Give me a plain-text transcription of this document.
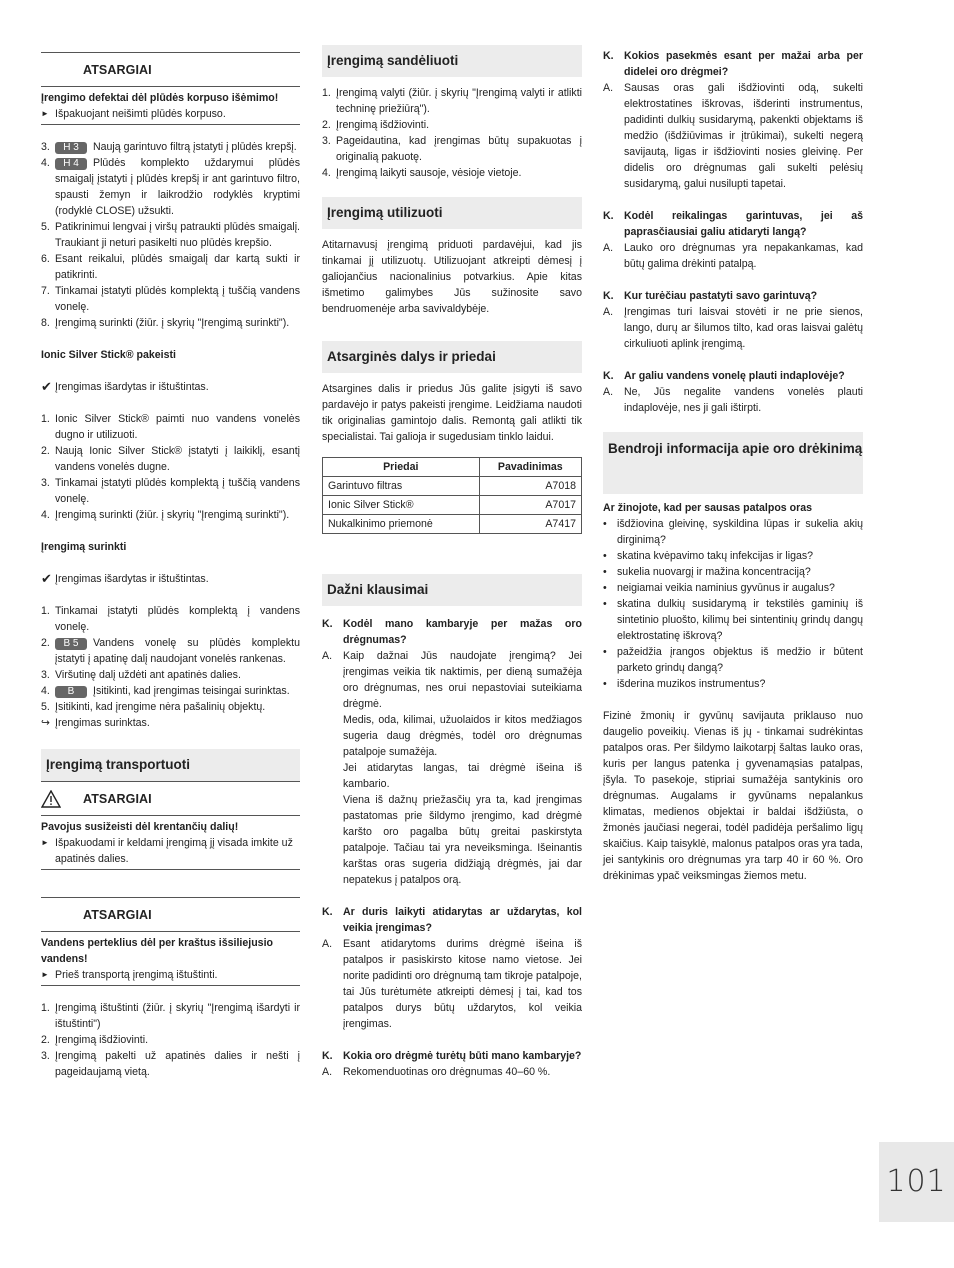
ATSARGIAI
Įrengimo defektai dėl plūdės korpuso išėmimo!
► Išpakuojant neišimti plūdės korpuso.
3.	H 3 Naują garintuvo filtrą įstatyti į plūdės krepšį.
4.	H 4 Plūdės komplekto uždarymui plūdės smaigalį įstatyti į plūdės krepšį ir ant garintuvo filtro, spausti žemyn ir laikrodžio rodyklės kryptimi (rodyklė CLOSE) užsukti.
5. Patikrinimui lengvai į viršų patraukti plūdės smaigalį. Traukiant ji neturi pasikelti nuo plūdės krepšio.
6. Esant reikalui, plūdės smaigalį dar kartą sukti ir patikrinti.
7. Tinkamai įstatyti plūdės komplektą į tuščią vandens vonelę.
8. Įrengimą surinkti (žiūr. į skyrių "Įrengimą surinkti").
Ionic Silver Stick® pakeisti
✔ Įrengimas išardytas ir ištuštintas.
1. Ionic Silver Stick® paimti nuo vandens vonelės dugno ir utilizuoti.
2. Naują Ionic Silver Stick® įstatyti į laikiklį, esantį vandens vonelės dugne.
3. Tinkamai įstatyti plūdės komplektą į tuščią vandens vonelę.
4. Įrengimą surinkti (žiūr. į skyrių "Įrengimą surinkti").
Įrengimą surinkti
✔ Įrengimas išardytas ir ištuštintas.
1. Tinkamai įstatyti plūdės komplektą į vandens vonelę.
2.	B 5 Vandens vonelę su plūdės komplektu įstatyti į apatinę dalį naudojant vonelės rankenas.
3. Viršutinę dalį uždėti ant apatinės dalies.
4.	B Įsitikinti, kad įrengimas teisingai surinktas.
5. Įsitikinti, kad įrengime nėra pašalinių objektų.
↪ Įrengimas surinktas.
Įrengimą transportuoti
ATSARGIAI
Pavojus susižeisti dėl krentančių dalių!
► Išpakuodami ir keldami įrengimą jį visada imkite už apatinės dalies.
ATSARGIAI
Vandens perteklius dėl per kraštus išsiliejusio vandens!
► Prieš transportą įrengimą ištuštinti.
1. Įrengimą ištuštinti (žiūr. į skyrių "Įrengimą išardyti ir ištuštinti")
2. Įrengimą išdžiovinti.
3. Įrengimą pakelti už apatinės dalies ir nešti į pageidaujamą vietą.
Įrengimą sandėliuoti
1. Įrengimą valyti (žiūr. į skyrių "Įrengimą valyti ir atlikti techninę priežiūrą").
2. Įrengimą išdžiovinti.
3. Pageidautina, kad įrengimas būtų supakuotas į originalią pakuotę.
4. Įrengimą laikyti sausoje, vėsioje vietoje.
Įrengimą utilizuoti

Atitarnavusį įrengimą priduoti pardavėjui, kad jis tinkamai jį utilizuotų. Utilizuojant atkreipti dėmesį į galiojančius nacionalinius potvarkius. Apie kitas išmetimo galimybes Jūs sužinosite savo bendruomenėje arba savivaldybėje.

Atsarginės dalys ir priedai

Atsargines dalis ir priedus Jūs galite įsigyti iš savo pardavėjo ir patys pakeisti įrengime. Leidžiama naudoti tik originalias gamintojo dalis. Remontą gali atlikti tik specialistai. Tai galioja ir sugedusiam tinklo laidui.

Priedai	Pavadinimas
Garintuvo filtras	A7018
Ionic Silver Stick®	A7017
Nukalkinimo priemonė	A7417
Dažni klausimai
K. Kodėl mano kambaryje per mažas oro drėgnumas?
A.	Kaip dažnai Jūs naudojate įrengimą? Jei įrengimas veikia tik naktimis, per dieną sumažėja oro drėgnumas, nes orui nepastoviai suteikiama drėgmė.

Medis, oda, kilimai, užuolaidos ir kitos medžiagos sugeria daug drėgmės, todėl oro drėgnumas patalpoje sumažėja.

Jei atidarytas langas, tai drėgmė išeina iš kambario.

Viena iš dažnų priežasčių yra ta, kad įrengimas pastatomas prie šildymo įrengimo, kad drėgmė karšto oro pagalba būtų greitai paskirstyta patalpoje. Tačiau tai yra neveiksminga. Išeinantis karštas oras sugeria didžiąją drėgmės, jai dar nepatekus į patalpos orą.

K. Ar duris laikyti atidarytas ar uždarytas, kol veikia įrengimas?
A.	Esant atidarytoms durims drėgmė išeina iš patalpos ir pasiskirsto kitose namo vietose. Jei norite padidinti oro drėgnumą tam tikroje patalpoje, tai Jūs turėtumėte atkreipti dėmesį į tai, kad tos patalpos durys būtų uždarytos, kol veikia įrengimas.
K. Kokia oro drėgmė turėtų būti mano kambaryje?
A.	Rekomenduotinas oro drėgnumas 40–60 %.
K. Kokios pasekmės esant per mažai arba per didelei oro drėgmei?
A.	Sausas oras gali išdžiovinti odą, sukelti elektrostatines iškrovas, išderinti instrumentus, padidinti dulkių susidarymą, pakenkti objektams iš medžio (išdžiūvimas ir įtrūkimai), sukelti negerą savijautą, ligas ir išdžiovinti nosies gleivinę. Per didelis oro drėgnumas gali sukelti pelėsių susidarymą, galui nusilupti tapetai.
K. Kodėl reikalingas garintuvas, jei aš paprasčiausiai galiu atidaryti langą?
A.	Lauko oro drėgnumas yra nepakankamas, kad būtų galima drėkinti patalpą.
K. Kur turėčiau pastatyti savo garintuvą?
A.	Įrengimas turi laisvai stovėti ir ne prie sienos, lango, durų ar šilumos tilto, kad oras laisvai galėtų cirkuliuoti aplink įrengimą.
K. Ar galiu vandens vonelę plauti indaplovėje?
A.	Ne, Jūs negalite vandens vonelės plauti indaplovėje, nes ji gali ištirpti.
Bendroji informacija apie oro drėkinimą
Ar žinojote, kad per sausas patalpos oras
• išdžiovina gleivinę, syskildina lūpas ir sukelia akių dirginimą?
• skatina kvėpavimo takų infekcijas ir ligas?
• sukelia nuovargį ir mažina koncentraciją?
• neigiamai veikia naminius gyvūnus ir augalus?
• skatina dulkių susidarymą ir tekstilės gaminių iš sintetinio pluošto, kilimų bei sintentinių grindų dangų elektrostatinę iškrovą?
• pažeidžia įrangos objektus iš medžio ir būtent parketo grindų dangą?
• išderina muzikos instrumentus?

Fizinė žmonių ir gyvūnų savijauta priklauso nuo daugelio poveikių. Vienas iš jų - tinkamai sudrėkintas patalpos oras. Per šildymo laikotarpį šaltas lauko oras, kuris per langus patenka į gyvenamąsias patalpas, įšyla. To pasekoje, stipriai sumažėja santykinis oro drėgnumas. Augalams ir gyvūnams nepalankus klimatas, medienos objektai ir baldai išdžiūsta, o žmonės jaučiasi negerai, todėl padidėja peršalimo ligų skaičius. Kaip taisyklė, malonus patalpos oras yra tada, jei santykinis oro drėgnumas yra tarp 40 ir 60 %. Oro drėkinimas ypač veiksmingas žiemos metu.

101
